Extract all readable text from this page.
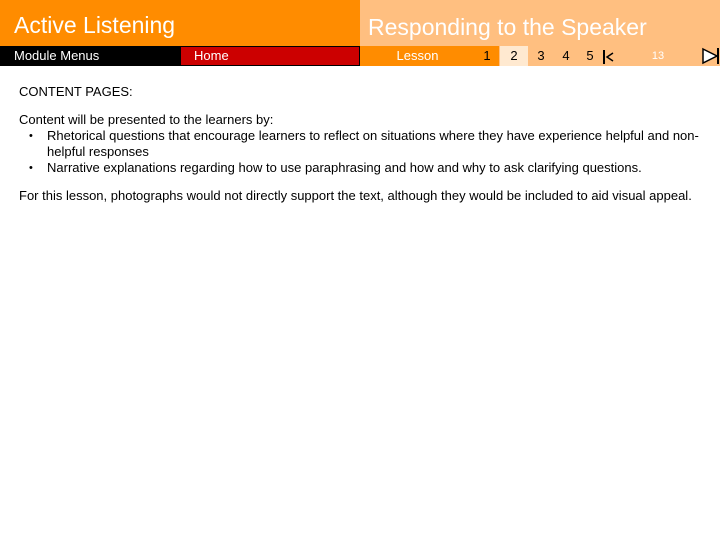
Active Listening	Responding to the Speaker
Module Menus	Home	Lesson	1	2	3	4	5	13

CONTENT PAGES:

Content will be presented to the learners by:

• Rhetorical questions that encourage learners to reflect on situations where they have experience helpful and non-helpful responses
• Narrative explanations regarding how to use paraphrasing and how and why to ask clarifying questions.

For this lesson, photographs would not directly support the text, although they would be included to aid visual appeal.
